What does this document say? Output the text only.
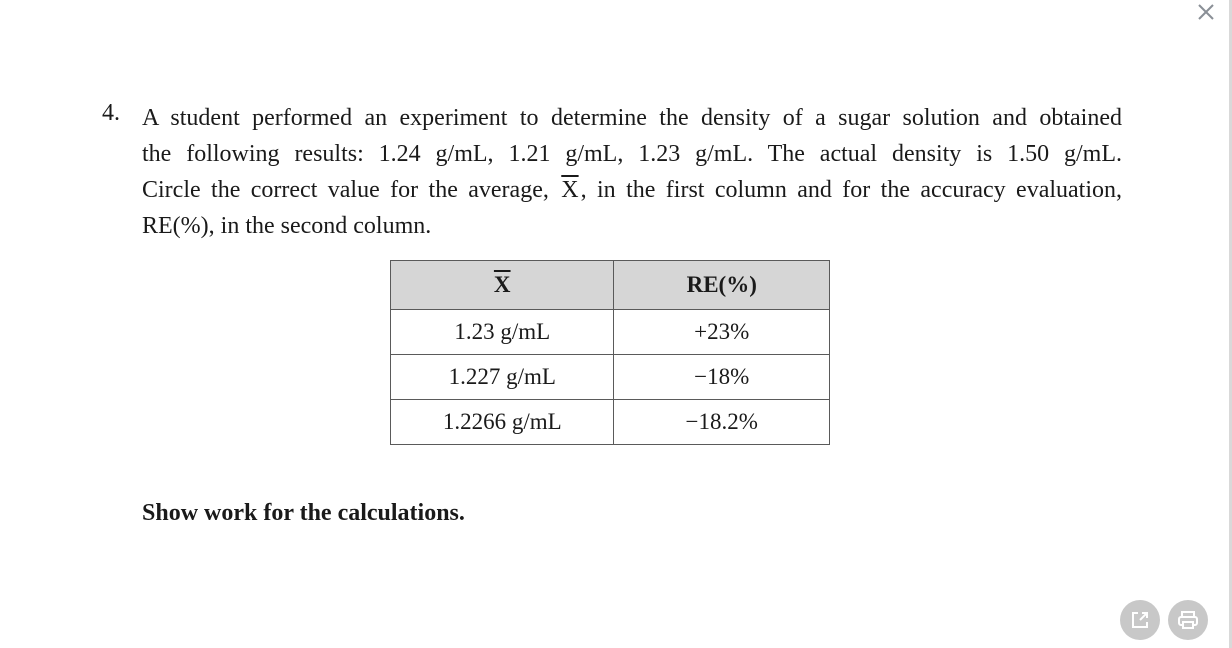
4. A student performed an experiment to determine the density of a sugar solution and obtained
the following results: 1.24 g/mL, 1.21 g/mL, 1.23 g/mL. The actual density is 1.50 g/mL.
Circle the correct value for the average, $\overline{X}$, in the first column and for the accuracy evaluation,
RE(%), in the second column.
$\overline{X}$	RE(%)
1.23 g/mL	+23%
1.227 g/mL	−18%
1.2266 g/mL	−18.2%
Show work for the calculations.
